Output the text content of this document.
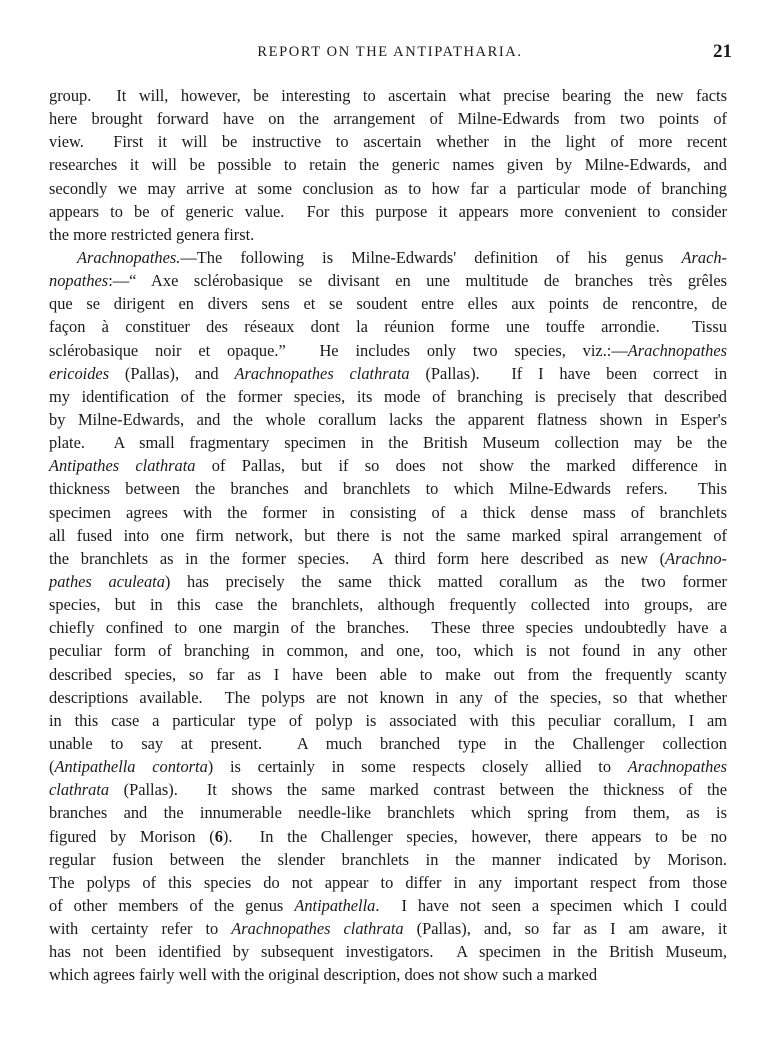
REPORT ON THE ANTIPATHARIA.	21
group.  It will, however, be interesting to ascertain what precise bearing the new facts
here brought forward have on the arrangement of Milne-Edwards from two points of
view.  First it will be instructive to ascertain whether in the light of more recent
researches it will be possible to retain the generic names given by Milne-Edwards, and
secondly we may arrive at some conclusion as to how far a particular mode of branching
appears to be of generic value.  For this purpose it appears more convenient to consider
the more restricted genera first.
Arachnopathes.—The following is Milne-Edwards' definition of his genus Arach-
nopathes:—“ Axe sclérobasique se divisant en une multitude de branches très grêles
que se dirigent en divers sens et se soudent entre elles aux points de rencontre, de
façon à constituer des réseaux dont la réunion forme une touffe arrondie.  Tissu
sclérobasique noir et opaque.”  He includes only two species, viz.:—Arachnopathes
ericoides (Pallas), and Arachnopathes clathrata (Pallas).  If I have been correct in
my identification of the former species, its mode of branching is precisely that described
by Milne-Edwards, and the whole corallum lacks the apparent flatness shown in Esper's
plate.  A small fragmentary specimen in the British Museum collection may be the
Antipathes clathrata of Pallas, but if so does not show the marked difference in
thickness between the branches and branchlets to which Milne-Edwards refers.  This
specimen agrees with the former in consisting of a thick dense mass of branchlets
all fused into one firm network, but there is not the same marked spiral arrangement of
the branchlets as in the former species.  A third form here described as new (Arachno-
pathes aculeata) has precisely the same thick matted corallum as the two former
species, but in this case the branchlets, although frequently collected into groups, are
chiefly confined to one margin of the branches.  These three species undoubtedly have a
peculiar form of branching in common, and one, too, which is not found in any other
described species, so far as I have been able to make out from the frequently scanty
descriptions available.  The polyps are not known in any of the species, so that whether
in this case a particular type of polyp is associated with this peculiar corallum, I am
unable to say at present.  A much branched type in the Challenger collection
(Antipathella contorta) is certainly in some respects closely allied to Arachnopathes
clathrata (Pallas).  It shows the same marked contrast between the thickness of the
branches and the innumerable needle-like branchlets which spring from them, as is
figured by Morison (6).  In the Challenger species, however, there appears to be no
regular fusion between the slender branchlets in the manner indicated by Morison.
The polyps of this species do not appear to differ in any important respect from those
of other members of the genus Antipathella.  I have not seen a specimen which I could
with certainty refer to Arachnopathes clathrata (Pallas), and, so far as I am aware, it
has not been identified by subsequent investigators.  A specimen in the British Museum,
which agrees fairly well with the original description, does not show such a marked
